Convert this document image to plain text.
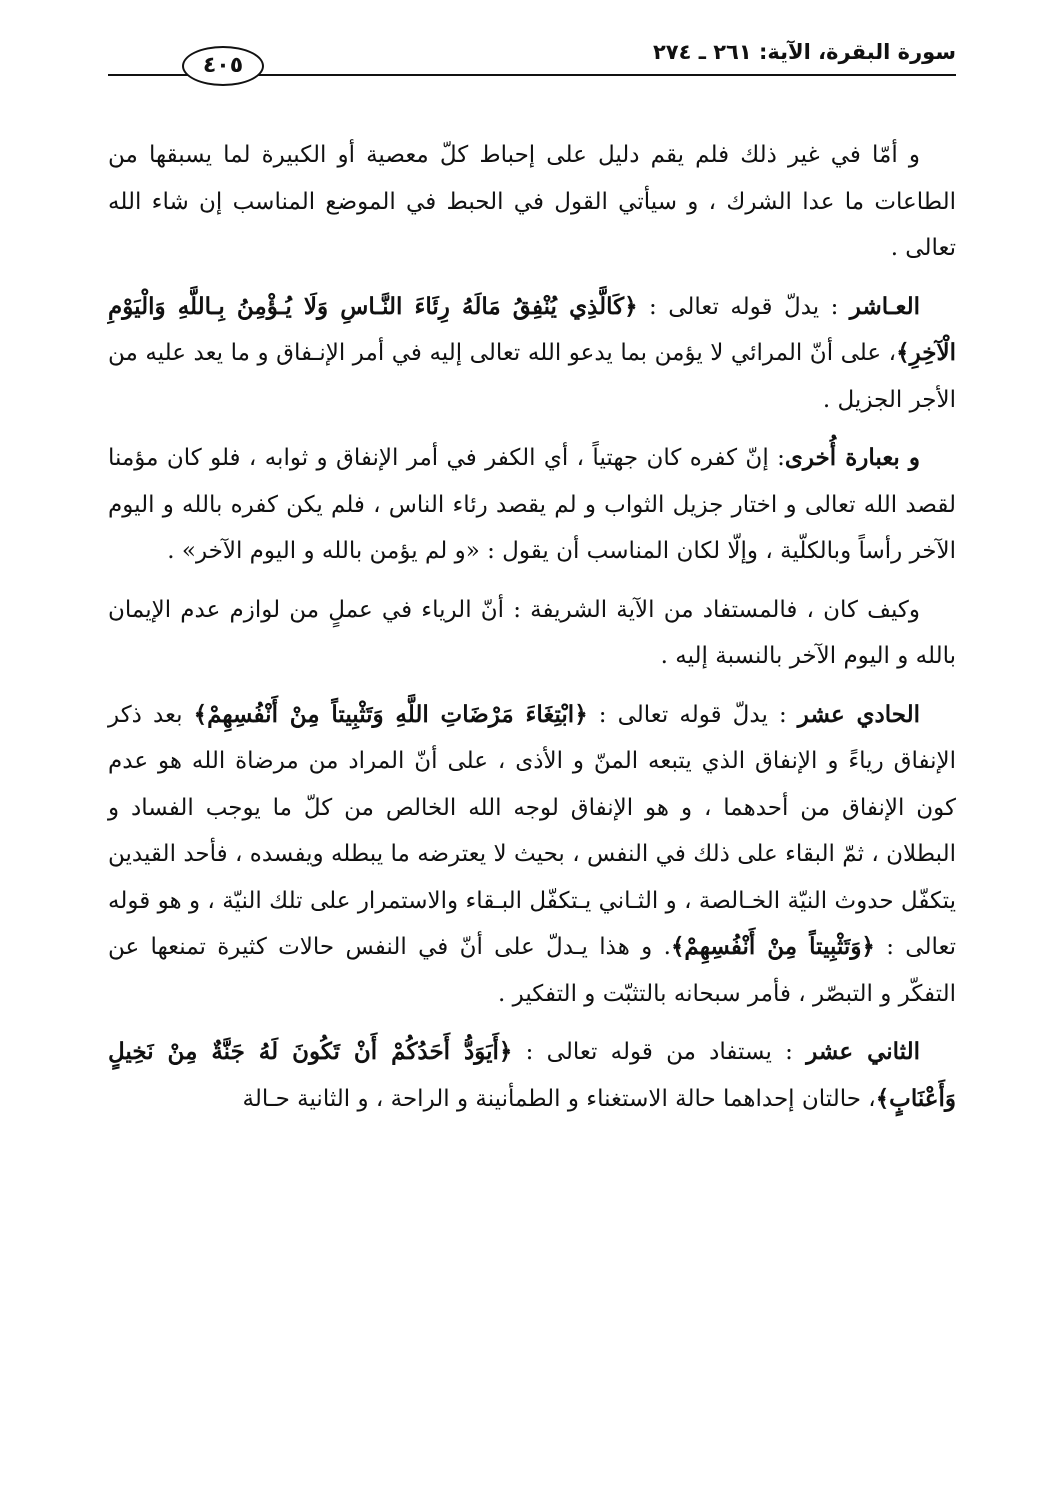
سورة البقرة، الآية: ٢٦١ ـ ٢٧٤
٤٠٥

و أمّا في غير ذلك فلم يقم دليل على إحباط كلّ معصية أو الكبيرة لما يسبقها من الطاعات ما عدا الشرك ، و سيأتي القول في الحبط في الموضع المناسب إن شاء الله تعالى .

العـاشر : يدلّ قوله تعالى : ﴿كَالَّذِي يُنْفِقُ مَالَهُ رِئَاءَ النَّـاسِ وَلَا يُـؤْمِنُ بِـاللَّهِ وَالْيَوْمِ الْآخِرِ﴾، على أنّ المرائي لا يؤمن بما يدعو الله تعالى إليه في أمر الإنـفاق و ما يعد عليه من الأجر الجزيل .

و بعبارة أُخرى: إنّ كفره كان جهتياً ، أي الكفر في أمر الإنفاق و ثوابه ، فلو كان مؤمنا لقصد الله تعالى و اختار جزيل الثواب و لم يقصد رئاء الناس ، فلم يكن كفره بالله و اليوم الآخر رأساً وبالكلّية ، وإلّا لكان المناسب أن يقول : «و لم يؤمن بالله و اليوم الآخر» .

وكيف كان ، فالمستفاد من الآية الشريفة : أنّ الرياء في عملٍ من لوازم عدم الإيمان بالله و اليوم الآخر بالنسبة إليه .

الحادي عشر : يدلّ قوله تعالى : ﴿ابْتِغَاءَ مَرْضَاتِ اللَّهِ وَتَثْبِيتاً مِنْ أَنْفُسِهِمْ﴾ بعد ذكر الإنفاق رياءً و الإنفاق الذي يتبعه المنّ و الأذى ، على أنّ المراد من مرضاة الله هو عدم كون الإنفاق من أحدهما ، و هو الإنفاق لوجه الله الخالص من كلّ ما يوجب الفساد و البطلان ، ثمّ البقاء على ذلك في النفس ، بحيث لا يعترضه ما يبطله ويفسده ، فأحد القيدين يتكفّل حدوث النيّة الخـالصة ، و الثـاني يـتكفّل البـقاء والاستمرار على تلك النيّة ، و هو قوله تعالى : ﴿وَتَثْبِيتاً مِنْ أَنْفُسِهِمْ﴾. و هذا يـدلّ على أنّ في النفس حالات كثيرة تمنعها عن التفكّر و التبصّر ، فأمر سبحانه بالتثبّت و التفكير .

الثاني عشر : يستفاد من قوله تعالى : ﴿أَيَوَدُّ أَحَدُكُمْ أَنْ تَكُونَ لَهُ جَنَّةٌ مِنْ نَخِيلٍ وَأَعْنَابٍ﴾، حالتان إحداهما حالة الاستغناء و الطمأنينة و الراحة ، و الثانية حـالة
